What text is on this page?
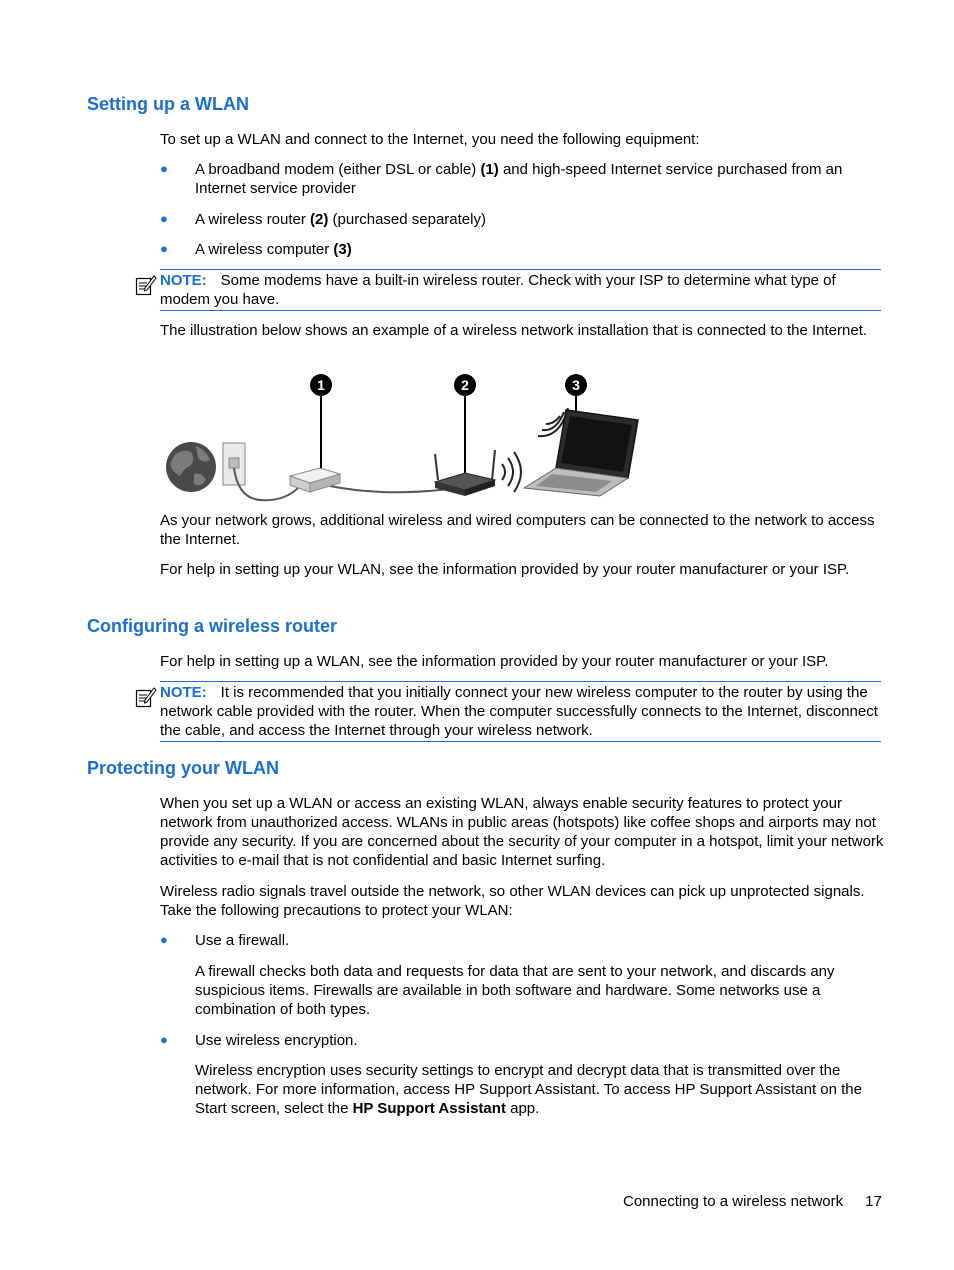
Setting up a WLAN
To set up a WLAN and connect to the Internet, you need the following equipment:
● A broadband modem (either DSL or cable) (1) and high-speed Internet service purchased from an Internet service provider
● A wireless router (2) (purchased separately)
● A wireless computer (3)
NOTE: Some modems have a built-in wireless router. Check with your ISP to determine what type of modem you have.
The illustration below shows an example of a wireless network installation that is connected to the Internet.
1	2	3
As your network grows, additional wireless and wired computers can be connected to the network to access the Internet.
For help in setting up your WLAN, see the information provided by your router manufacturer or your ISP.
Configuring a wireless router
For help in setting up a WLAN, see the information provided by your router manufacturer or your ISP.
NOTE: It is recommended that you initially connect your new wireless computer to the router by using the network cable provided with the router. When the computer successfully connects to the Internet, disconnect the cable, and access the Internet through your wireless network.
Protecting your WLAN
When you set up a WLAN or access an existing WLAN, always enable security features to protect your network from unauthorized access. WLANs in public areas (hotspots) like coffee shops and airports may not provide any security. If you are concerned about the security of your computer in a hotspot, limit your network activities to e-mail that is not confidential and basic Internet surfing.
Wireless radio signals travel outside the network, so other WLAN devices can pick up unprotected signals. Take the following precautions to protect your WLAN:
● Use a firewall.
A firewall checks both data and requests for data that are sent to your network, and discards any suspicious items. Firewalls are available in both software and hardware. Some networks use a combination of both types.
● Use wireless encryption.
Wireless encryption uses security settings to encrypt and decrypt data that is transmitted over the network. For more information, access HP Support Assistant. To access HP Support Assistant on the Start screen, select the HP Support Assistant app.
Connecting to a wireless network 17
